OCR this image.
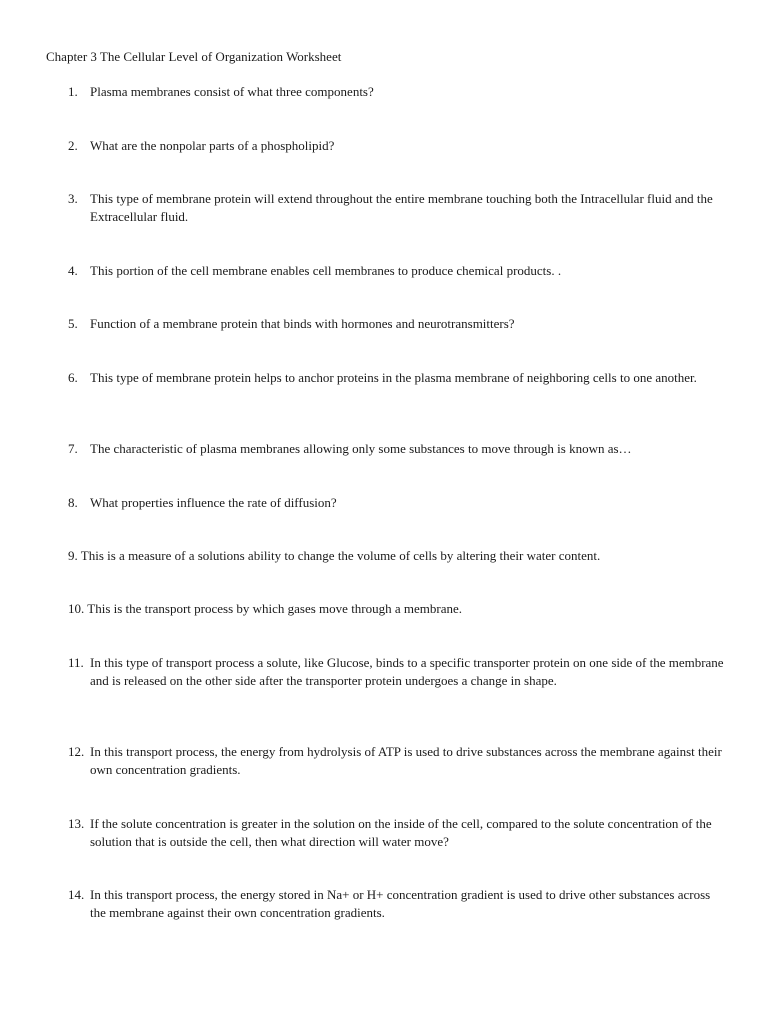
Chapter 3 The Cellular Level of Organization Worksheet
1. Plasma membranes consist of what three components?
2. What are the nonpolar parts of a phospholipid?
3. This type of membrane protein will extend throughout the entire membrane touching both the Intracellular fluid and the Extracellular fluid.
4. This portion of the cell membrane enables cell membranes to produce chemical products. .
5. Function of a membrane protein that binds with hormones and neurotransmitters?
6. This type of membrane protein helps to anchor proteins in the plasma membrane of neighboring cells to one another.
7. The characteristic of plasma membranes allowing only some substances to move through is known as…
8. What properties influence the rate of diffusion?
9. This is a measure of a solutions ability to change the volume of cells by altering their water content.
10. This is the transport process by which gases move through a membrane.
11. In this type of transport process a solute, like Glucose, binds to a specific transporter protein on one side of the membrane and is released on the other side after the transporter protein undergoes a change in shape.
12. In this transport process, the energy from hydrolysis of ATP is used to drive substances across the membrane against their own concentration gradients.
13. If the solute concentration is greater in the solution on the inside of the cell, compared to the solute concentration of the solution that is outside the cell, then what direction will water move?
14. In this transport process, the energy stored in Na+ or H+ concentration gradient is used to drive other substances across the membrane against their own concentration gradients.
